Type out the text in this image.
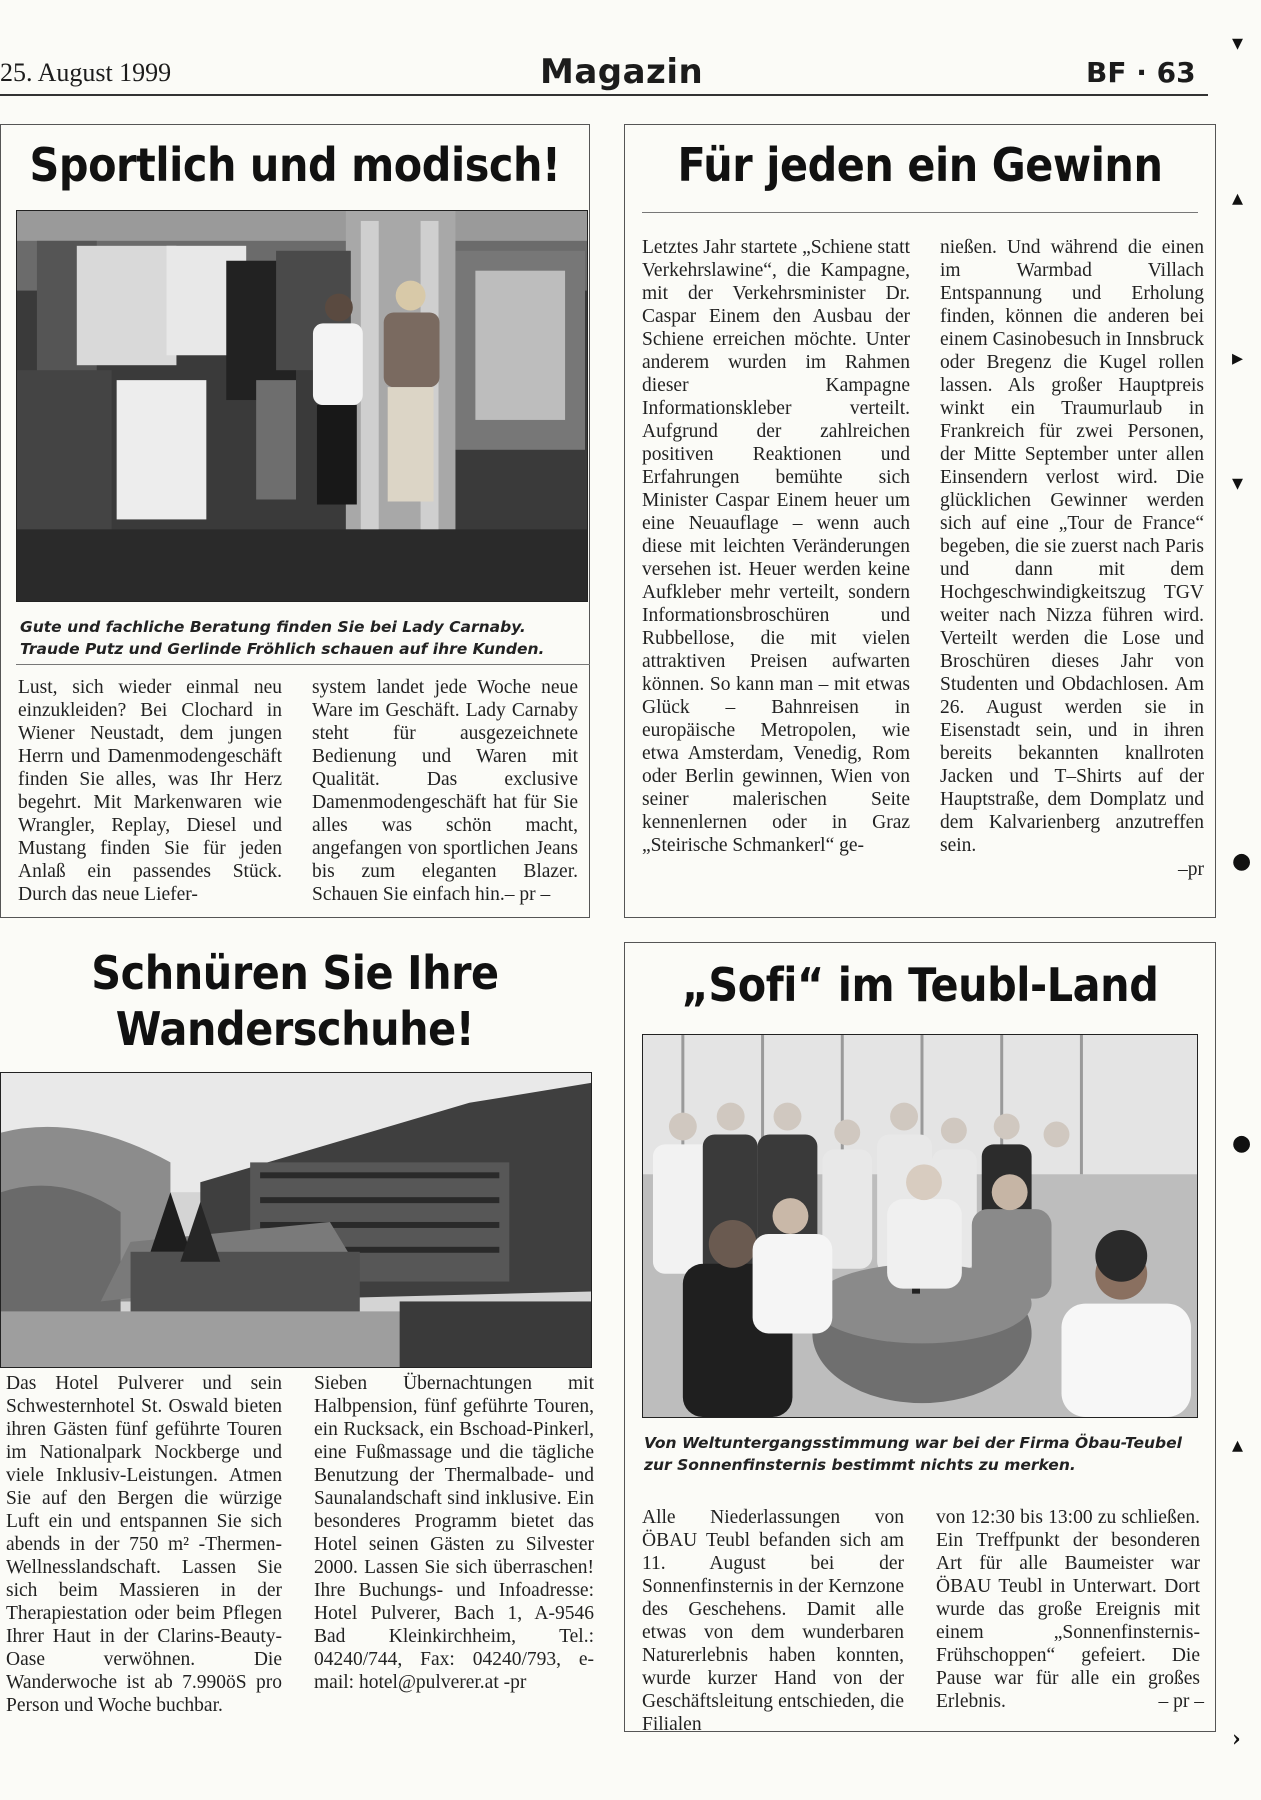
25. August 1999	Magazin	BF · 63
▾
▴
▸
▾
●
●
▴
›
Sportlich und modisch!
Gute und fachliche Beratung finden Sie bei Lady Carnaby. Traude Putz und Gerlinde Fröhlich schauen auf ihre Kunden.
Lust, sich wieder einmal neu einzukleiden? Bei Clochard in Wiener Neustadt, dem jungen Herrn und Damenmodengeschäft finden Sie alles, was Ihr Herz begehrt. Mit Markenwaren wie Wrangler, Replay, Diesel und Mustang finden Sie für jeden Anlaß ein passendes Stück. Durch das neue Liefer-
system landet jede Woche neue Ware im Geschäft. Lady Carnaby steht für ausgezeichnete Bedienung und Waren mit Qualität. Das exclusive Damenmodengeschäft hat für Sie alles was schön macht, angefangen von sportlichen Jeans bis zum eleganten Blazer. Schauen Sie einfach hin.– pr –
Für jeden ein Gewinn
Letztes Jahr startete „Schiene statt Verkehrslawine“, die Kampagne, mit der Verkehrsminister Dr. Caspar Einem den Ausbau der Schiene erreichen möchte. Unter anderem wurden im Rahmen dieser Kampagne Informationskleber verteilt. Aufgrund der zahlreichen positiven Reaktionen und Erfahrungen bemühte sich Minister Caspar Einem heuer um eine Neuauflage – wenn auch diese mit leichten Veränderungen versehen ist. Heuer werden keine Aufkleber mehr verteilt, sondern Informationsbroschüren und Rubbellose, die mit vielen attraktiven Preisen aufwarten können. So kann man – mit etwas Glück – Bahnreisen in europäische Metropolen, wie etwa Amsterdam, Venedig, Rom oder Berlin gewinnen, Wien von seiner malerischen Seite kennenlernen oder in Graz „Steirische Schmankerl“ ge-
nießen. Und während die einen im Warmbad Villach Entspannung und Erholung finden, können die anderen bei einem Casinobesuch in Innsbruck oder Bregenz die Kugel rollen lassen. Als großer Hauptpreis winkt ein Traumurlaub in Frankreich für zwei Personen, der Mitte September unter allen Einsendern verlost wird. Die glücklichen Gewinner werden sich auf eine „Tour de France“ begeben, die sie zuerst nach Paris und dann mit dem Hochgeschwindigkeitszug TGV weiter nach Nizza führen wird. Verteilt werden die Lose und Broschüren dieses Jahr von Studenten und Obdachlosen. Am 26. August werden sie in Eisenstadt sein, und in ihren bereits bekannten knallroten Jacken und T–Shirts auf der Hauptstraße, dem Domplatz und dem Kalvarienberg anzutreffen sein.
–pr
Schnüren Sie Ihre
Wanderschuhe!
Das Hotel Pulverer und sein Schwesternhotel St. Oswald bieten ihren Gästen fünf geführte Touren im Nationalpark Nockberge und viele Inklusiv-Leistungen. Atmen Sie auf den Bergen die würzige Luft ein und entspannen Sie sich abends in der 750 m² -Thermen-Wellnesslandschaft. Lassen Sie sich beim Massieren in der Therapiestation oder beim Pflegen Ihrer Haut in der Clarins-Beauty-Oase verwöhnen. Die Wanderwoche ist ab 7.990öS pro Person und Woche buchbar.
Sieben Übernachtungen mit Halbpension, fünf geführte Touren, ein Rucksack, ein Bschoad-Pinkerl, eine Fußmassage und die tägliche Benutzung der Thermalbade- und Saunalandschaft sind inklusive. Ein besonderes Programm bietet das Hotel seinen Gästen zu Silvester 2000. Lassen Sie sich überraschen! Ihre Buchungs- und Infoadresse: Hotel Pulverer, Bach 1, A-9546 Bad Kleinkirchheim, Tel.: 04240/744, Fax: 04240/793, e-mail: hotel@pulverer.at -pr
„Sofi“ im Teubl-Land
Von Weltuntergangsstimmung war bei der Firma Öbau-Teubel zur Sonnenfinsternis bestimmt nichts zu merken.
Alle Niederlassungen von ÖBAU Teubl befanden sich am 11. August bei der Sonnenfinsternis in der Kernzone des Geschehens. Damit alle etwas von dem wunderbaren Naturerlebnis haben konnten, wurde kurzer Hand von der Geschäftsleitung entschieden, die Filialen
von 12:30 bis 13:00 zu schließen. Ein Treffpunkt der besonderen Art für alle Baumeister war ÖBAU Teubl in Unterwart. Dort wurde das große Ereignis mit einem „Sonnenfinsternis-Frühschoppen“ gefeiert. Die Pause war für alle ein großes Erlebnis.	– pr –
